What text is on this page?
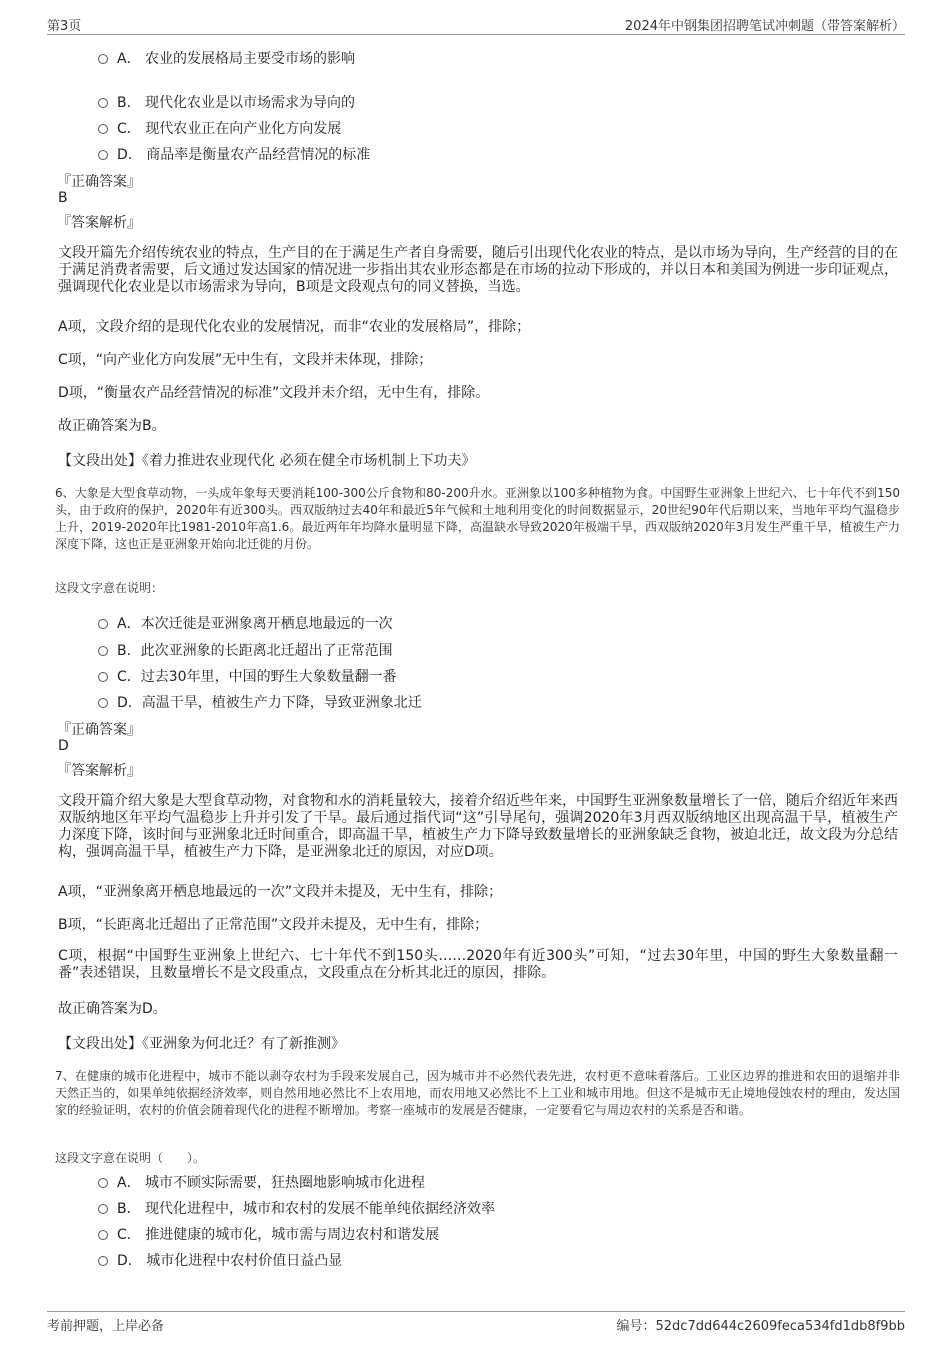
第3页	2024年中钢集团招聘笔试冲刺题（带答案解析）
A． 农业的发展格局主要受市场的影响
B． 现代化农业是以市场需求为导向的
C． 现代农业正在向产业化方向发展
D． 商品率是衡量农产品经营情况的标准
『正确答案』
B
『答案解析』
文段开篇先介绍传统农业的特点，生产目的在于满足生产者自身需要，随后引出现代化农业的特点，是以市场为导向，生产经营的目的在于满足消费者需要，后文通过发达国家的情况进一步指出其农业形态都是在市场的拉动下形成的，并以日本和美国为例进一步印证观点，强调现代化农业是以市场需求为导向，B项是文段观点句的同义替换，当选。
A项，文段介绍的是现代化农业的发展情况，而非“农业的发展格局”，排除；
C项，“向产业化方向发展”无中生有，文段并未体现，排除；
D项，“衡量农产品经营情况的标准”文段并未介绍，无中生有，排除。
故正确答案为B。
【文段出处】《着力推进农业现代化 必须在健全市场机制上下功夫》
6、大象是大型食草动物，一头成年象每天要消耗100-300公斤食物和80-200升水。亚洲象以100多种植物为食。中国野生亚洲象上世纪六、七十年代不到150头，由于政府的保护，2020年有近300头。西双版纳过去40年和最近5年气候和土地利用变化的时间数据显示，20世纪90年代后期以来，当地年平均气温稳步上升，2019-2020年比1981-2010年高1.6。最近两年年均降水量明显下降，高温缺水导致2020年极端干旱，西双版纳2020年3月发生严重干旱，植被生产力深度下降，这也正是亚洲象开始向北迁徙的月份。
这段文字意在说明：
A．本次迁徙是亚洲象离开栖息地最远的一次
B．此次亚洲象的长距离北迁超出了正常范围
C．过去30年里，中国的野生大象数量翻一番
D．高温干旱，植被生产力下降，导致亚洲象北迁
『正确答案』
D
『答案解析』
文段开篇介绍大象是大型食草动物，对食物和水的消耗量较大，接着介绍近些年来，中国野生亚洲象数量增长了一倍，随后介绍近年来西双版纳地区年平均气温稳步上升并引发了干旱。最后通过指代词“这”引导尾句，强调2020年3月西双版纳地区出现高温干旱，植被生产力深度下降，该时间与亚洲象北迁时间重合，即高温干旱，植被生产力下降导致数量增长的亚洲象缺乏食物，被迫北迁，故文段为分总结构，强调高温干旱，植被生产力下降，是亚洲象北迁的原因，对应D项。
A项，“亚洲象离开栖息地最远的一次”文段并未提及，无中生有，排除；
B项，“长距离北迁超出了正常范围”文段并未提及，无中生有，排除；
C项，根据“中国野生亚洲象上世纪六、七十年代不到150头……2020年有近300头”可知，“过去30年里，中国的野生大象数量翻一番”表述错误，且数量增长不是文段重点，文段重点在分析其北迁的原因，排除。
故正确答案为D。
【文段出处】《亚洲象为何北迁？有了新推测》
7、在健康的城市化进程中，城市不能以剥夺农村为手段来发展自己，因为城市并不必然代表先进，农村更不意味着落后。工业区边界的推进和农田的退缩并非天然正当的，如果单纯依据经济效率，则自然用地必然比不上农用地，而农用地又必然比不上工业和城市用地。但这不是城市无止境地侵蚀农村的理由，发达国家的经验证明，农村的价值会随着现代化的进程不断增加。考察一座城市的发展是否健康，一定要看它与周边农村的关系是否和谐。
这段文字意在说明（　　）。
A． 城市不顾实际需要，狂热圈地影响城市化进程
B． 现代化进程中，城市和农村的发展不能单纯依据经济效率
C． 推进健康的城市化，城市需与周边农村和谐发展
D． 城市化进程中农村价值日益凸显
考前押题，上岸必备	编号：52dc7dd644c2609feca534fd1db8f9bb
